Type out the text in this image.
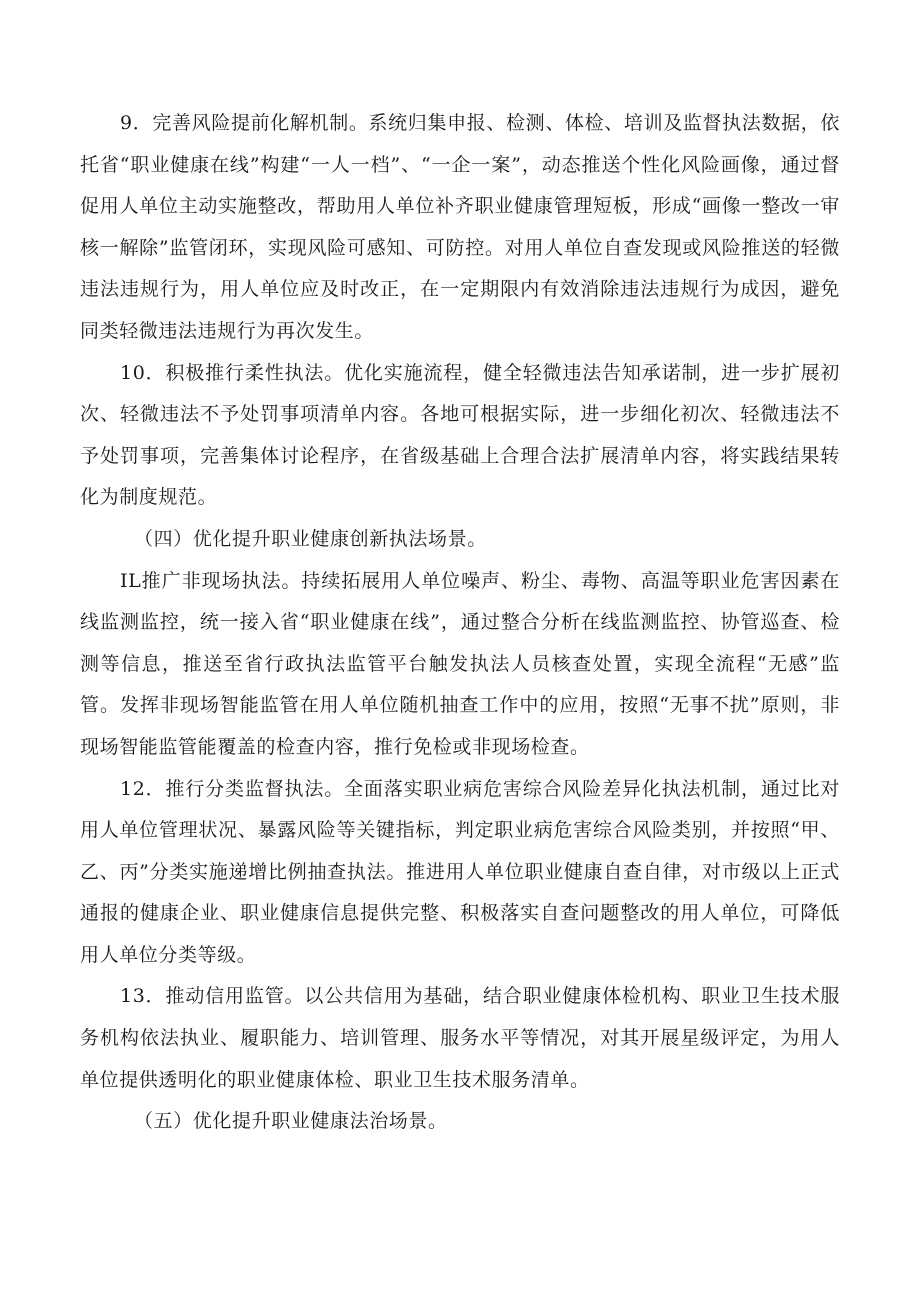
9．完善风险提前化解机制。系统归集申报、检测、体检、培训及监督执法数据，依托省“职业健康在线”构建“一人一档”、“一企一案”，动态推送个性化风险画像，通过督促用人单位主动实施整改，帮助用人单位补齐职业健康管理短板，形成“画像一整改一审核一解除”监管闭环，实现风险可感知、可防控。对用人单位自查发现或风险推送的轻微违法违规行为，用人单位应及时改正，在一定期限内有效消除违法违规行为成因，避免同类轻微违法违规行为再次发生。

10．积极推行柔性执法。优化实施流程，健全轻微违法告知承诺制，进一步扩展初次、轻微违法不予处罚事项清单内容。各地可根据实际，进一步细化初次、轻微违法不予处罚事项，完善集体讨论程序，在省级基础上合理合法扩展清单内容，将实践结果转化为制度规范。

（四）优化提升职业健康创新执法场景。

IL推广非现场执法。持续拓展用人单位噪声、粉尘、毒物、高温等职业危害因素在线监测监控，统一接入省“职业健康在线”，通过整合分析在线监测监控、协管巡查、检测等信息，推送至省行政执法监管平台触发执法人员核查处置，实现全流程“无感”监管。发挥非现场智能监管在用人单位随机抽查工作中的应用，按照“无事不扰”原则，非现场智能监管能覆盖的检查内容，推行免检或非现场检查。

12．推行分类监督执法。全面落实职业病危害综合风险差异化执法机制，通过比对用人单位管理状况、暴露风险等关键指标，判定职业病危害综合风险类别，并按照“甲、乙、丙”分类实施递增比例抽查执法。推进用人单位职业健康自查自律，对市级以上正式通报的健康企业、职业健康信息提供完整、积极落实自查问题整改的用人单位，可降低用人单位分类等级。

13．推动信用监管。以公共信用为基础，结合职业健康体检机构、职业卫生技术服务机构依法执业、履职能力、培训管理、服务水平等情况，对其开展星级评定，为用人单位提供透明化的职业健康体检、职业卫生技术服务清单。

（五）优化提升职业健康法治场景。
